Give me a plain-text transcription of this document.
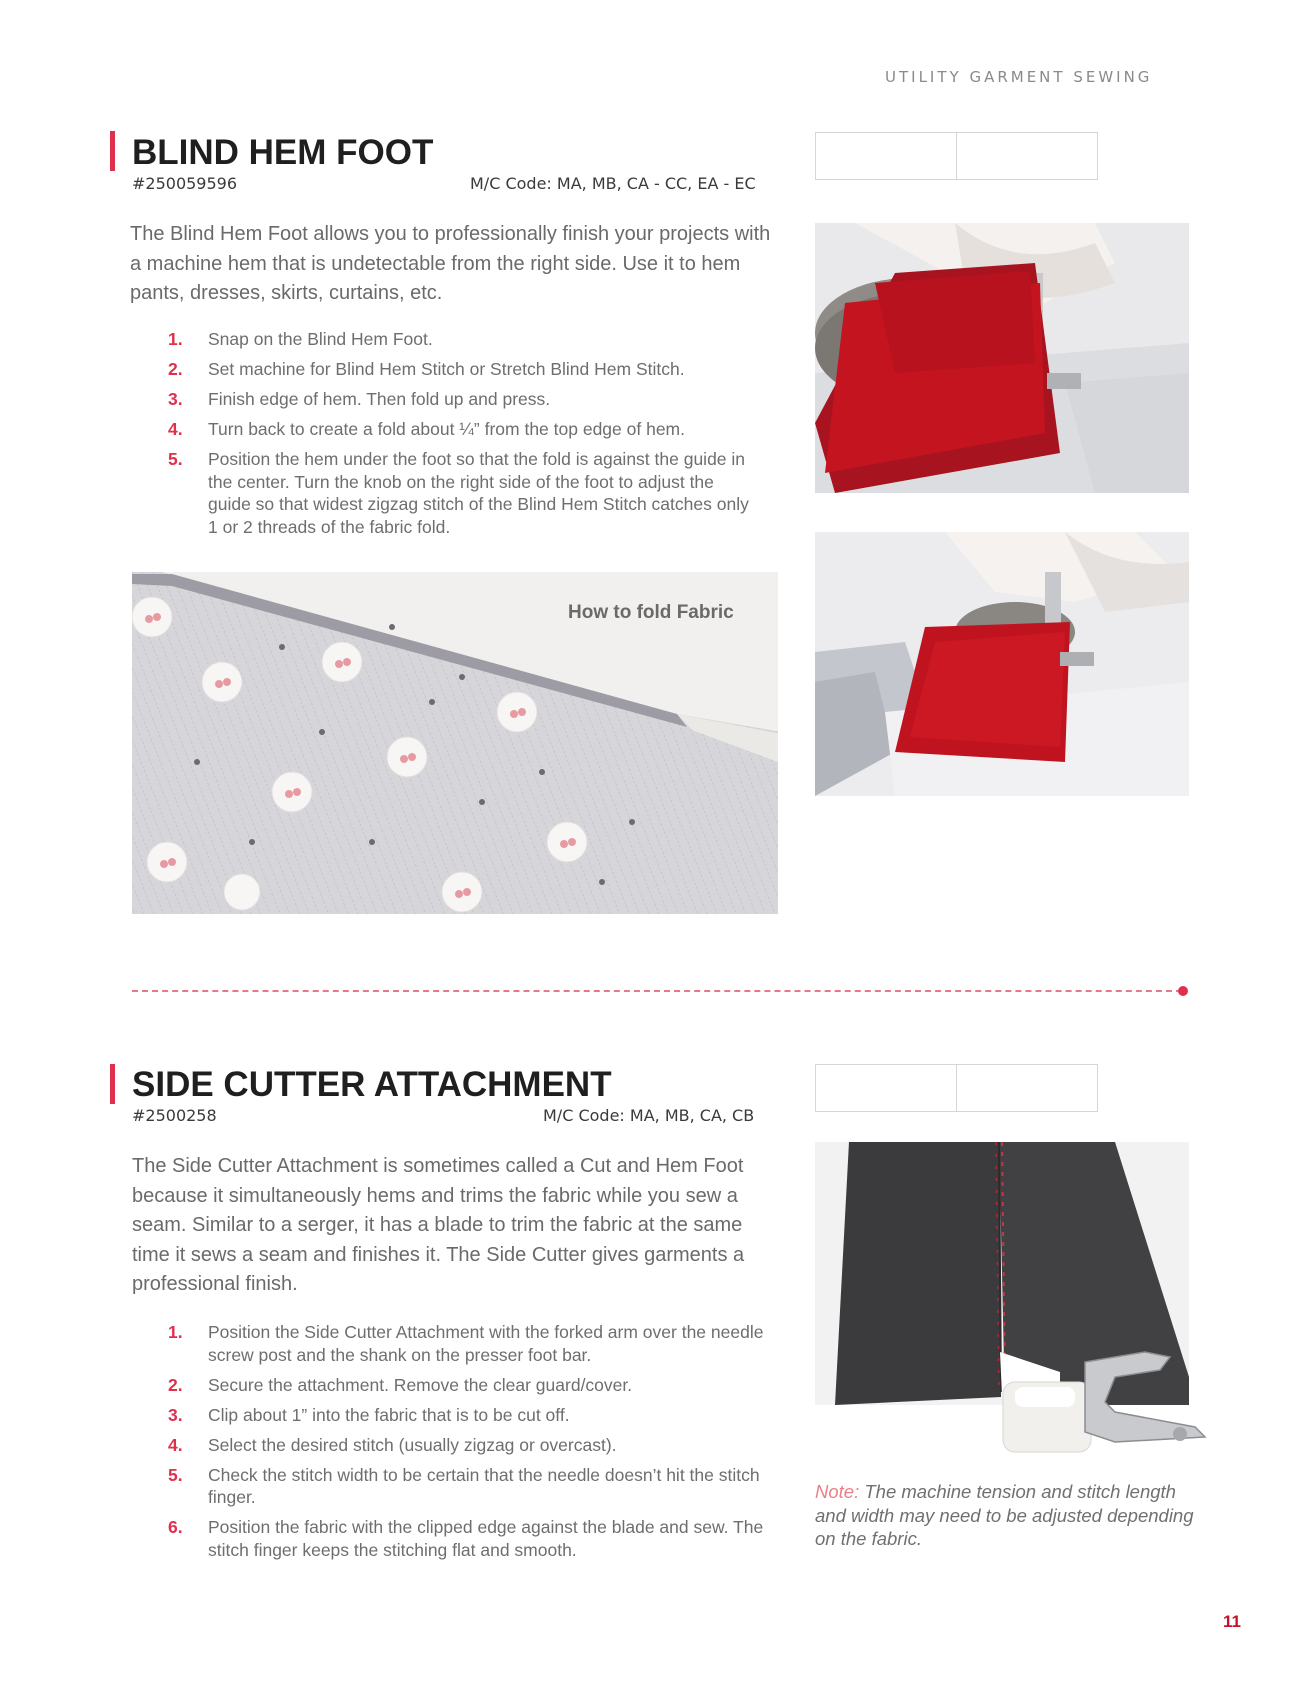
UTILITY GARMENT SEWING
BLIND HEM FOOT
#250059596	M/C Code: MA, MB, CA - CC, EA - EC

The Blind Hem Foot allows you to professionally finish your projects with a machine hem that is undetectable from the right side. Use it to hem pants, dresses, skirts, curtains, etc.

1. Snap on the Blind Hem Foot.
2. Set machine for Blind Hem Stitch or Stretch Blind Hem Stitch.
3. Finish edge of hem. Then fold up and press.
4. Turn back to create a fold about ¼” from the top edge of hem.
5. Position the hem under the foot so that the fold is against the guide in the center. Turn the knob on the right side of the foot to adjust the guide so that widest zigzag stitch of the Blind Hem Stitch catches only 1 or 2 threads of the fabric fold.
How to fold Fabric
SIDE CUTTER ATTACHMENT
#2500258	M/C Code: MA, MB, CA, CB

The Side Cutter Attachment is sometimes called a Cut and Hem Foot because it simultaneously hems and trims the fabric while you sew a seam. Similar to a serger, it has a blade to trim the fabric at the same time it sews a seam and finishes it. The Side Cutter gives garments a professional finish.

1. Position the Side Cutter Attachment with the forked arm over the needle screw post and the shank on the presser foot bar.
2. Secure the attachment. Remove the clear guard/cover.
3. Clip about 1” into the fabric that is to be cut off.
4. Select the desired stitch (usually zigzag or overcast).
5. Check the stitch width to be certain that the needle doesn’t hit the stitch finger.
6. Position the fabric with the clipped edge against the blade and sew. The stitch finger keeps the stitching flat and smooth.
Note: The machine tension and stitch length and width may need to be adjusted depending on the fabric.
11
